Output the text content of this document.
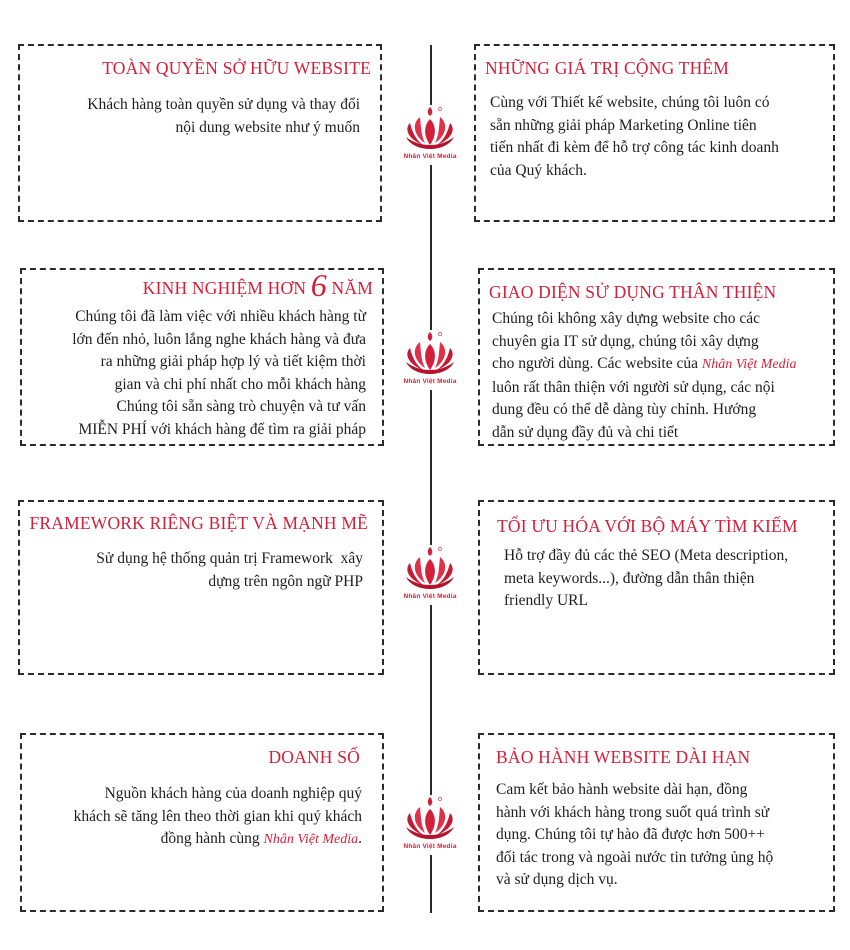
TOÀN QUYỀN SỞ HỮU WEBSITE

Khách hàng toàn quyền sử dụng và thay đổi
nội dung website như ý muốn

NHỮNG GIÁ TRỊ CỘNG THÊM

Cùng với Thiết kế website, chúng tôi luôn có
sẵn những giải pháp Marketing Online tiên
tiến nhất đi kèm để hỗ trợ công tác kinh doanh
của Quý khách.

KINH NGHIỆM HƠN 6 NĂM

Chúng tôi đã làm việc với nhiều khách hàng từ
lớn đến nhỏ, luôn lắng nghe khách hàng và đưa
ra những giải pháp hợp lý và tiết kiệm thời
gian và chi phí nhất cho mỗi khách hàng
Chúng tôi sẵn sàng trò chuyện và tư vấn
MIỄN PHÍ với khách hàng để tìm ra giải pháp

GIAO DIỆN SỬ DỤNG THÂN THIỆN

Chúng tôi không xây dựng website cho các
chuyên gia IT sử dụng, chúng tôi xây dựng
cho người dùng. Các website của Nhân Việt Media
luôn rất thân thiện với người sử dụng, các nội
dung đều có thể dễ dàng tùy chỉnh. Hướng
dẫn sử dụng đầy đủ và chi tiết

FRAMEWORK RIÊNG BIỆT VÀ MẠNH MẼ

Sử dụng hệ thống quản trị Framework  xây
dựng trên ngôn ngữ PHP

TỐI ƯU HÓA VỚI BỘ MÁY TÌM KIẾM

Hỗ trợ đầy đủ các thẻ SEO (Meta description,
meta keywords...), đường dẫn thân thiện
friendly URL

DOANH SỐ

Nguồn khách hàng của doanh nghiệp quý
khách sẽ tăng lên theo thời gian khi quý khách
đồng hành cùng Nhân Việt Media.

BẢO HÀNH WEBSITE DÀI HẠN

Cam kết bảo hành website dài hạn, đồng
hành với khách hàng trong suốt quá trình sử
dụng. Chúng tôi tự hào đã được hơn 500++
đối tác trong và ngoài nước tin tưởng ủng hộ
và sử dụng dịch vụ.

Nhân Việt Media
Nhân Việt Media
Nhân Việt Media
Nhân Việt Media
